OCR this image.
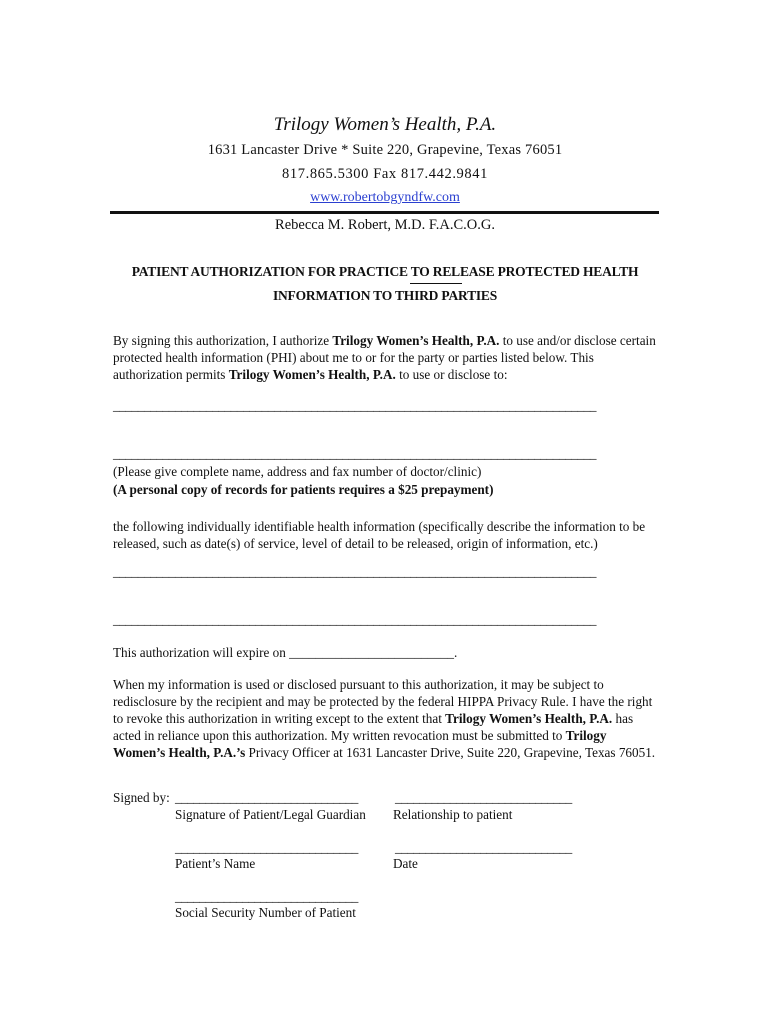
Trilogy Women’s Health, P.A.
1631 Lancaster Drive * Suite 220, Grapevine, Texas 76051
817.865.5300 Fax 817.442.9841
www.robertobgyndfw.com
Rebecca M. Robert, M.D. F.A.C.O.G.
PATIENT AUTHORIZATION FOR PRACTICE TO RELEASE PROTECTED HEALTH
INFORMATION TO THIRD PARTIES
By signing this authorization, I authorize Trilogy Women’s Health, P.A. to use and/or disclose certain protected health information (PHI) about me to or for the party or parties listed below. This authorization permits Trilogy Women’s Health, P.A. to use or disclose to:
______________________________________________________________________________
______________________________________________________________________________
(Please give complete name, address and fax number of doctor/clinic)
(A personal copy of records for patients requires a $25 prepayment)
the following individually identifiable health information (specifically describe the information to be released, such as date(s) of service, level of detail to be released, origin of information, etc.)
______________________________________________________________________________
______________________________________________________________________________
This authorization will expire on _________________________.
When my information is used or disclosed pursuant to this authorization, it may be subject to redisclosure by the recipient and may be protected by the federal HIPPA Privacy Rule. I have the right to revoke this authorization in writing except to the extent that Trilogy Women’s Health, P.A. has acted in reliance upon this authorization. My written revocation must be submitted to Trilogy Women’s Health, P.A.’s Privacy Officer at 1631 Lancaster Drive, Suite 220, Grapevine, Texas 76051.
Signed by: ______________________________	_____________________________
Signature of Patient/Legal Guardian Relationship to patient
______________________________	_____________________________
Patient’s Name	Date
______________________________
Social Security Number of Patient
